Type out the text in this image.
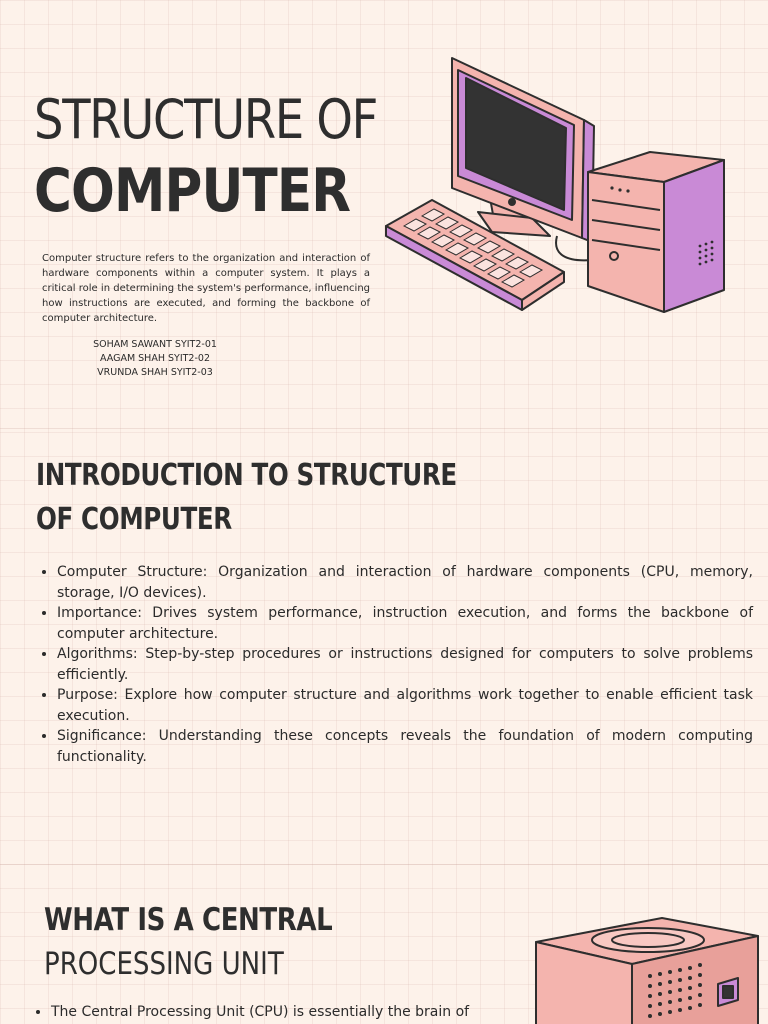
STRUCTURE OF
COMPUTER

Computer structure refers to the organization and interaction of hardware components within a computer system. It plays a critical role in determining the system's performance, influencing how instructions are executed, and forming the backbone of computer architecture.

SOHAM SAWANT SYIT2-01
AAGAM SHAH SYIT2-02
VRUNDA SHAH SYIT2-03
INTRODUCTION TO STRUCTURE
OF COMPUTER
• Computer Structure: Organization and interaction of hardware components (CPU, memory, storage, I/O devices).
• Importance: Drives system performance, instruction execution, and forms the backbone of computer architecture.
• Algorithms: Step-by-step procedures or instructions designed for computers to solve problems efficiently.
• Purpose: Explore how computer structure and algorithms work together to enable efficient task execution.
• Significance: Understanding these concepts reveals the foundation of modern computing functionality.
WHAT IS A CENTRAL
PROCESSING UNIT
• The Central Processing Unit (CPU) is essentially the brain of
